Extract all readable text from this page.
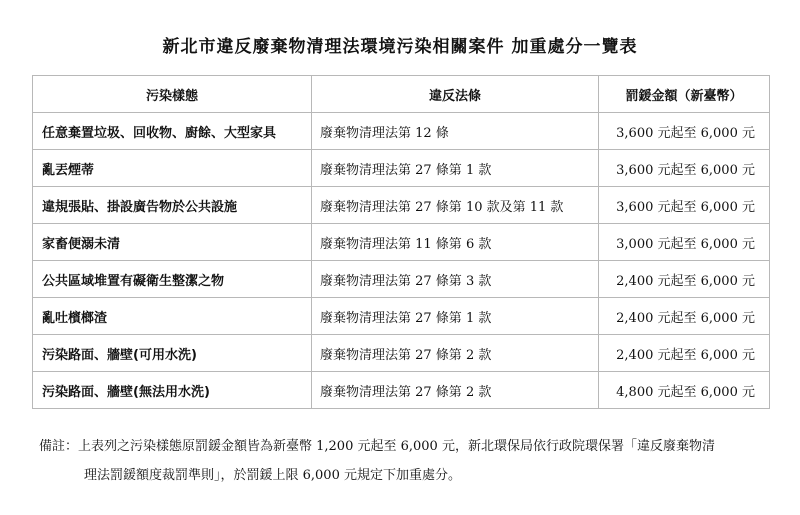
新北市違反廢棄物清理法環境污染相關案件 加重處分一覽表
污染樣態	違反法條	罰鍰金額（新臺幣）
任意棄置垃圾、回收物、廚餘、大型家具	廢棄物清理法第 12 條	3,600 元起至 6,000 元
亂丟煙蒂	廢棄物清理法第 27 條第 1 款	3,600 元起至 6,000 元
違規張貼、掛設廣告物於公共設施	廢棄物清理法第 27 條第 10 款及第 11 款	3,600 元起至 6,000 元
家畜便溺未清	廢棄物清理法第 11 條第 6 款	3,000 元起至 6,000 元
公共區域堆置有礙衛生整潔之物	廢棄物清理法第 27 條第 3 款	2,400 元起至 6,000 元
亂吐檳榔渣	廢棄物清理法第 27 條第 1 款	2,400 元起至 6,000 元
污染路面、牆壁(可用水洗)	廢棄物清理法第 27 條第 2 款	2,400 元起至 6,000 元
污染路面、牆壁(無法用水洗)	廢棄物清理法第 27 條第 2 款	4,800 元起至 6,000 元
備註：上表列之污染樣態原罰鍰金額皆為新臺幣 1,200 元起至 6,000 元，新北環保局依行政院環保署「違反廢棄物清
理法罰鍰額度裁罰準則」，於罰鍰上限 6,000 元規定下加重處分。
